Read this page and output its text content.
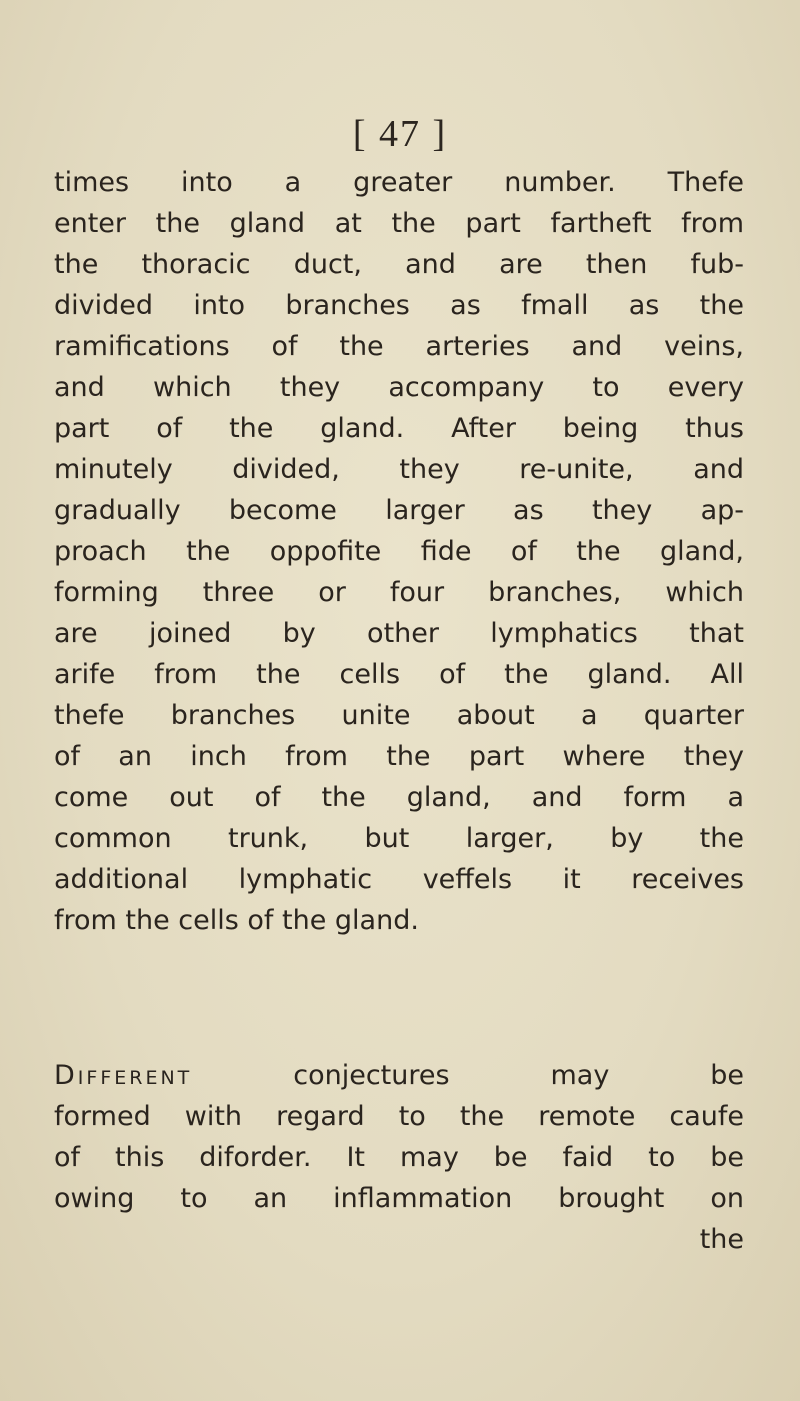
[ 47 ]
times into a greater number. Thefe
enter the gland at the part fartheft from
the thoracic duct, and are then fub-
divided into branches as fmall as the
ramifications of the arteries and veins,
and which they accompany to every
part of the gland. After being thus
minutely divided, they re-unite, and
gradually become larger as they ap-
proach the oppofite fide of the gland,
forming three or four branches, which
are joined by other lymphatics that
arife from the cells of the gland. All
thefe branches unite about a quarter
of an inch from the part where they
come out of the gland, and form a
common trunk, but larger, by the
additional lymphatic veffels it receives
from the cells of the gland.
Different	conjectures may be
formed with regard to the remote caufe
of this diforder. It may be faid to be
owing to an inflammation brought on
the
